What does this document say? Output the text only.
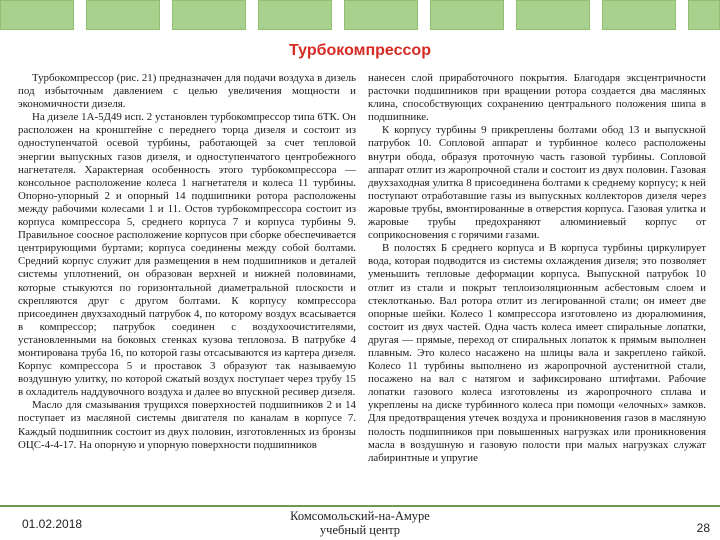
Турбокомпрессор

Турбокомпрессор (рис. 21) предназначен для подачи воздуха в дизель под избыточным давлением с целью увеличения мощности и экономичности дизеля.

На дизеле 1А-5Д49 исп. 2 установлен турбокомпрессор типа 6ТК. Он расположен на кронштейне с переднего торца дизеля и состоит из одноступенчатой осевой турбины, работающей за счет тепловой энергии выпускных газов дизеля, и одноступенчатого центробежного нагнетателя. Характерная особенность этого турбокомпрессора — консольное расположение колеса 1 нагнетателя и колеса 11 турбины. Опорно-упорный 2 и опорный 14 подшипники ротора расположены между рабочими колесами 1 и 11. Остов турбокомпрессора состоит из корпуса компрессора 5, среднего корпуса 7 и корпуса турбины 9. Правильное соосное расположение корпусов при сборке обеспечивается центрирующими буртами; корпуса соединены между собой болтами. Средний корпус служит для размещения в нем подшипников и деталей системы уплотнений, он образован верхней и нижней половинами, которые стыкуются по горизонтальной диаметральной плоскости и скрепляются друг с другом болтами. К корпусу компрессора присоединен двухзаходный патрубок 4, по которому воздух всасывается в компрессор; патрубок соединен с воздухоочистителями, установленными на боковых стенках кузова тепловоза. В патрубке 4 монтирована труба 16, по которой газы отсасываются из картера дизеля. Корпус компрессора 5 и проставок 3 образуют так называемую воздушную улитку, по которой сжатый воздух поступает через трубу 15 в охладитель наддувочного воздуха и далее во впускной ресивер дизеля.

Масло для смазывания трущихся поверхностей подшипников 2 и 14 поступает из масляной системы двигателя по каналам в корпусе 7. Каждый подшипник состоит из двух половин, изготовленных из бронзы ОЦС-4-4-17. На опорную и упорную поверхности подшипников

нанесен слой приработочного покрытия. Благодаря эксцентричности расточки подшипников при вращении ротора создается два масляных клина, способствующих сохранению центрального положения шипа в подшипнике.

К корпусу турбины 9 прикреплены болтами обод 13 и выпускной патрубок 10. Сопловой аппарат и турбинное колесо расположены внутри обода, образуя проточную часть газовой турбины. Сопловой аппарат отлит из жаропрочной стали и состоит из двух половин. Газовая двухзаходная улитка 8 присоединена болтами к среднему корпусу; к ней поступают отработавшие газы из выпускных коллекторов дизеля через жаровые трубы, вмонтированные в отверстия корпуса. Газовая улитка и жаровые трубы предохраняют алюминиевый корпус от соприкосновения с горячими газами.

В полостях Б среднего корпуса и В корпуса турбины циркулирует вода, которая подводится из системы охлаждения дизеля; это позволяет уменьшить тепловые деформации корпуса. Выпускной патрубок 10 отлит из стали и покрыт теплоизоляционным асбестовым слоем и стеклотканью. Вал ротора отлит из легированной стали; он имеет две опорные шейки. Колесо 1 компрессора изготовлено из дюралюминия, состоит из двух частей. Одна часть колеса имеет спиральные лопатки, другая — прямые, переход от спиральных лопаток к прямым выполнен плавным. Это колесо насажено на шлицы вала и закреплено гайкой. Колесо 11 турбины выполнено из жаропрочной аустенитной стали, посажено на вал с натягом и зафиксировано штифтами. Рабочие лопатки газового колеса изготовлены из жаропрочного сплава и укреплены на диске турбинного колеса при помощи «елочных» замков. Для предотвращения утечек воздуха и проникновения газов в масляную полость подшипников при повышенных нагрузках или проникновения масла в воздушную и газовую полости при малых нагрузках служат лабиринтные и упругие

01.02.2018
Комсомольский-на-Амуре
учебный центр	28
